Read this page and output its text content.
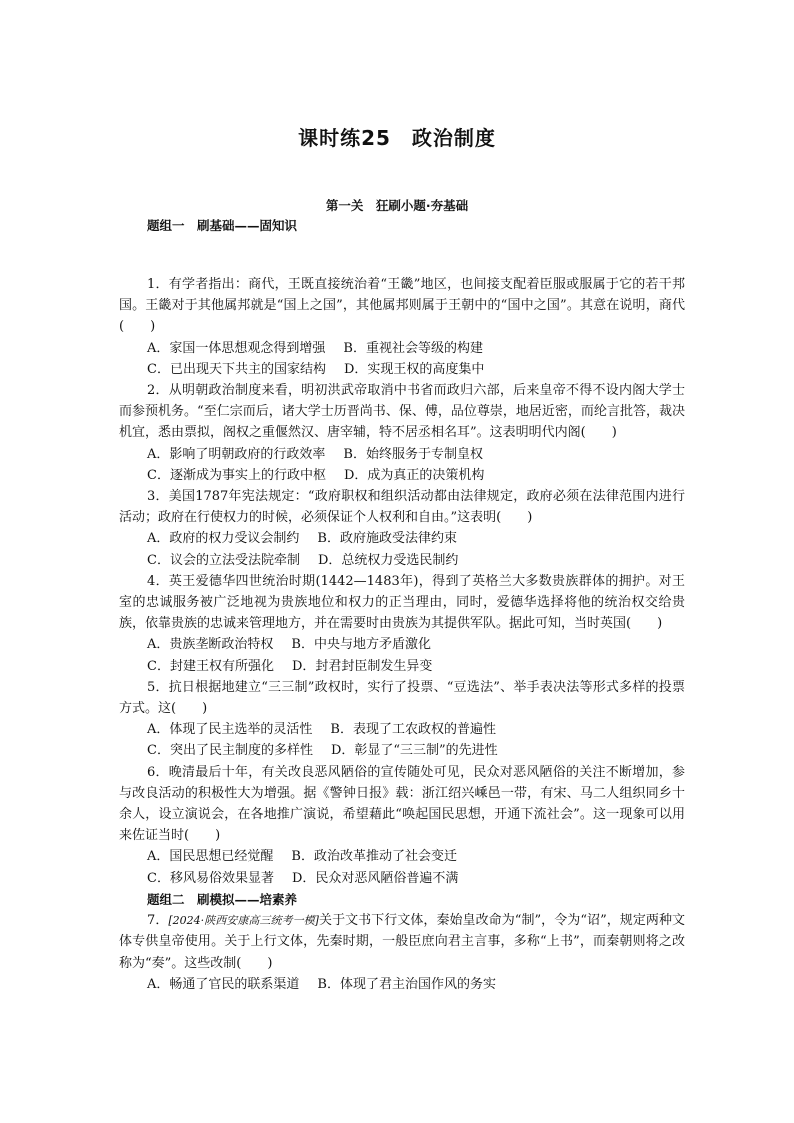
课时练25　政治制度
第一关　狂刷小题·夯基础
题组一　刷基础——固知识

1．有学者指出：商代，王既直接统治着“王畿”地区，也间接支配着臣服或服属于它的若干邦国。王畿对于其他属邦就是“国上之国”，其他属邦则属于王朝中的“国中之国”。其意在说明，商代(　　)

A．家国一体思想观念得到增强 B．重视社会等级的构建

C．已出现天下共主的国家结构 D．实现王权的高度集中

2．从明朝政治制度来看，明初洪武帝取消中书省而政归六部，后来皇帝不得不设内阁大学士而参预机务。“至仁宗而后，诸大学士历晋尚书、保、傅，品位尊崇，地居近密，而纶言批答，裁决机宜，悉由票拟，阁权之重偃然汉、唐宰辅，特不居丞相名耳”。这表明明代内阁(　　)

A．影响了明朝政府的行政效率 B．始终服务于专制皇权

C．逐渐成为事实上的行政中枢 D．成为真正的决策机构

3．美国1787年宪法规定：“政府职权和组织活动都由法律规定，政府必须在法律范围内进行活动；政府在行使权力的时候，必须保证个人权利和自由。”这表明(　　)

A．政府的权力受议会制约 B．政府施政受法律约束

C．议会的立法受法院牵制 D．总统权力受选民制约

4．英王爱德华四世统治时期(1442—1483年)，得到了英格兰大多数贵族群体的拥护。对王室的忠诚服务被广泛地视为贵族地位和权力的正当理由，同时，爱德华选择将他的统治权交给贵族，依靠贵族的忠诚来管理地方，并在需要时由贵族为其提供军队。据此可知，当时英国(　　)

A．贵族垄断政治特权 B．中央与地方矛盾激化

C．封建王权有所强化 D．封君封臣制发生异变

5．抗日根据地建立“三三制”政权时，实行了投票、“豆选法”、举手表决法等形式多样的投票方式。这(　　)

A．体现了民主选举的灵活性 B．表现了工农政权的普遍性

C．突出了民主制度的多样性 D．彰显了“三三制”的先进性

6．晚清最后十年，有关改良恶风陋俗的宣传随处可见，民众对恶风陋俗的关注不断增加，参与改良活动的积极性大为增强。据《警钟日报》载：浙江绍兴嵊邑一带，有宋、马二人组织同乡十余人，设立演说会，在各地推广演说，希望藉此“唤起国民思想，开通下流社会”。这一现象可以用来佐证当时(　　)

A．国民思想已经觉醒 B．政治改革推动了社会变迁

C．移风易俗效果显著 D．民众对恶风陋俗普遍不满

题组二　刷模拟——培素养

7．[2024·陕西安康高三统考一模]关于文书下行文体，秦始皇改命为“制”，令为“诏”，规定两种文体专供皇帝使用。关于上行文体，先秦时期，一般臣庶向君主言事，多称“上书”，而秦朝则将之改称为“奏”。这些改制(　　)

A．畅通了官民的联系渠道 B．体现了君主治国作风的务实
